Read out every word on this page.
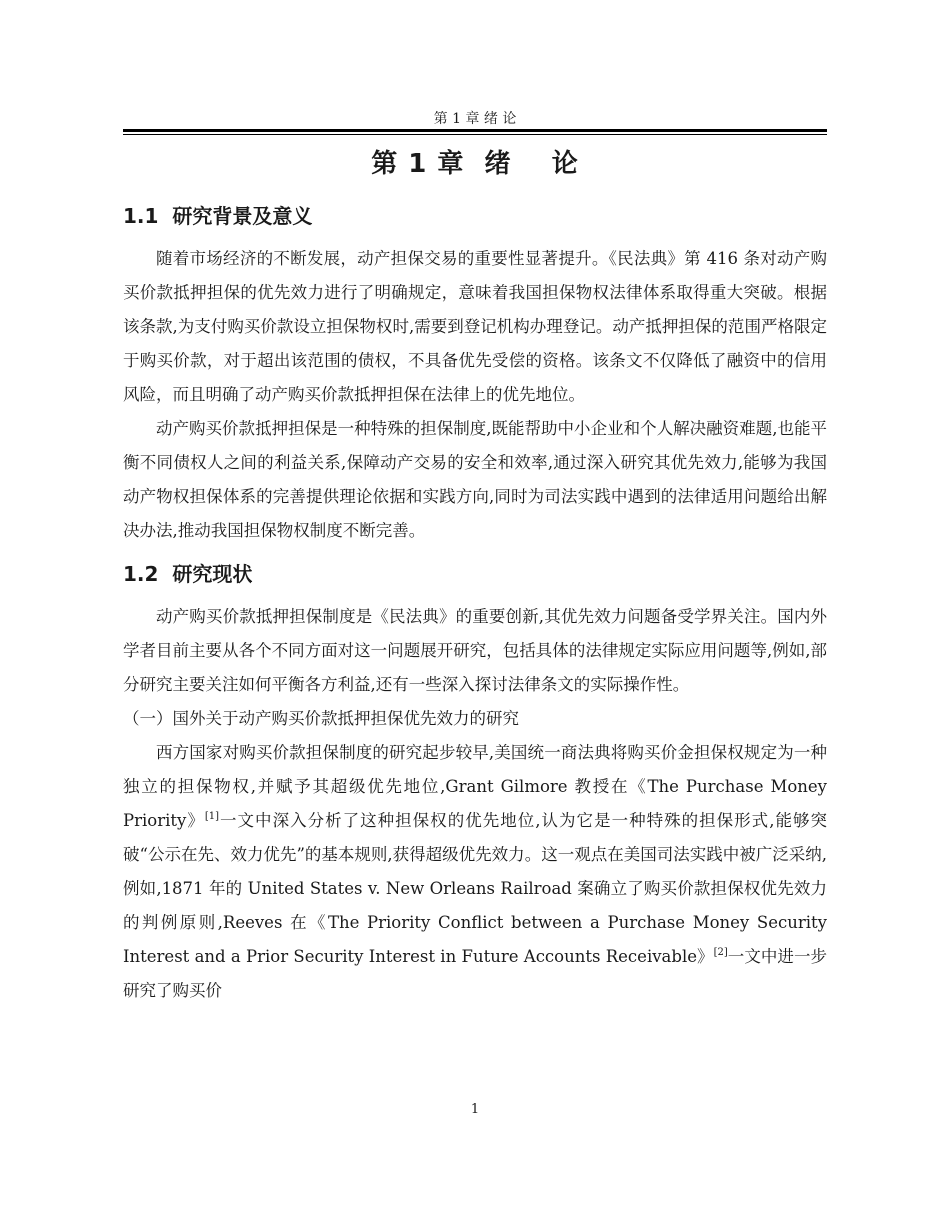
第 1 章 绪 论
第 1 章  绪    论
1.1  研究背景及意义

随着市场经济的不断发展，动产担保交易的重要性显著提升。《民法典》第 416 条对动产购买价款抵押担保的优先效力进行了明确规定，意味着我国担保物权法律体系取得重大突破。根据该条款,为支付购买价款设立担保物权时,需要到登记机构办理登记。动产抵押担保的范围严格限定于购买价款，对于超出该范围的债权，不具备优先受偿的资格。该条文不仅降低了融资中的信用风险，而且明确了动产购买价款抵押担保在法律上的优先地位。

动产购买价款抵押担保是一种特殊的担保制度,既能帮助中小企业和个人解决融资难题,也能平衡不同债权人之间的利益关系,保障动产交易的安全和效率,通过深入研究其优先效力,能够为我国动产物权担保体系的完善提供理论依据和实践方向,同时为司法实践中遇到的法律适用问题给出解决办法,推动我国担保物权制度不断完善。

1.2  研究现状

动产购买价款抵押担保制度是《民法典》的重要创新,其优先效力问题备受学界关注。国内外学者目前主要从各个不同方面对这一问题展开研究，包括具体的法律规定实际应用问题等,例如,部分研究主要关注如何平衡各方利益,还有一些深入探讨法律条文的实际操作性。

（一）国外关于动产购买价款抵押担保优先效力的研究

西方国家对购买价款担保制度的研究起步较早,美国统一商法典将购买价金担保权规定为一种独立的担保物权,并赋予其超级优先地位,Grant Gilmore 教授在《The Purchase Money Priority》[1]一文中深入分析了这种担保权的优先地位,认为它是一种特殊的担保形式,能够突破“公示在先、效力优先”的基本规则,获得超级优先效力。这一观点在美国司法实践中被广泛采纳,例如,1871 年的 United States v. New Orleans Railroad 案确立了购买价款担保权优先效力的判例原则,Reeves 在《The Priority Conflict between a Purchase Money Security Interest and a Prior Security Interest in Future Accounts Receivable》[2]一文中进一步研究了购买价

1
